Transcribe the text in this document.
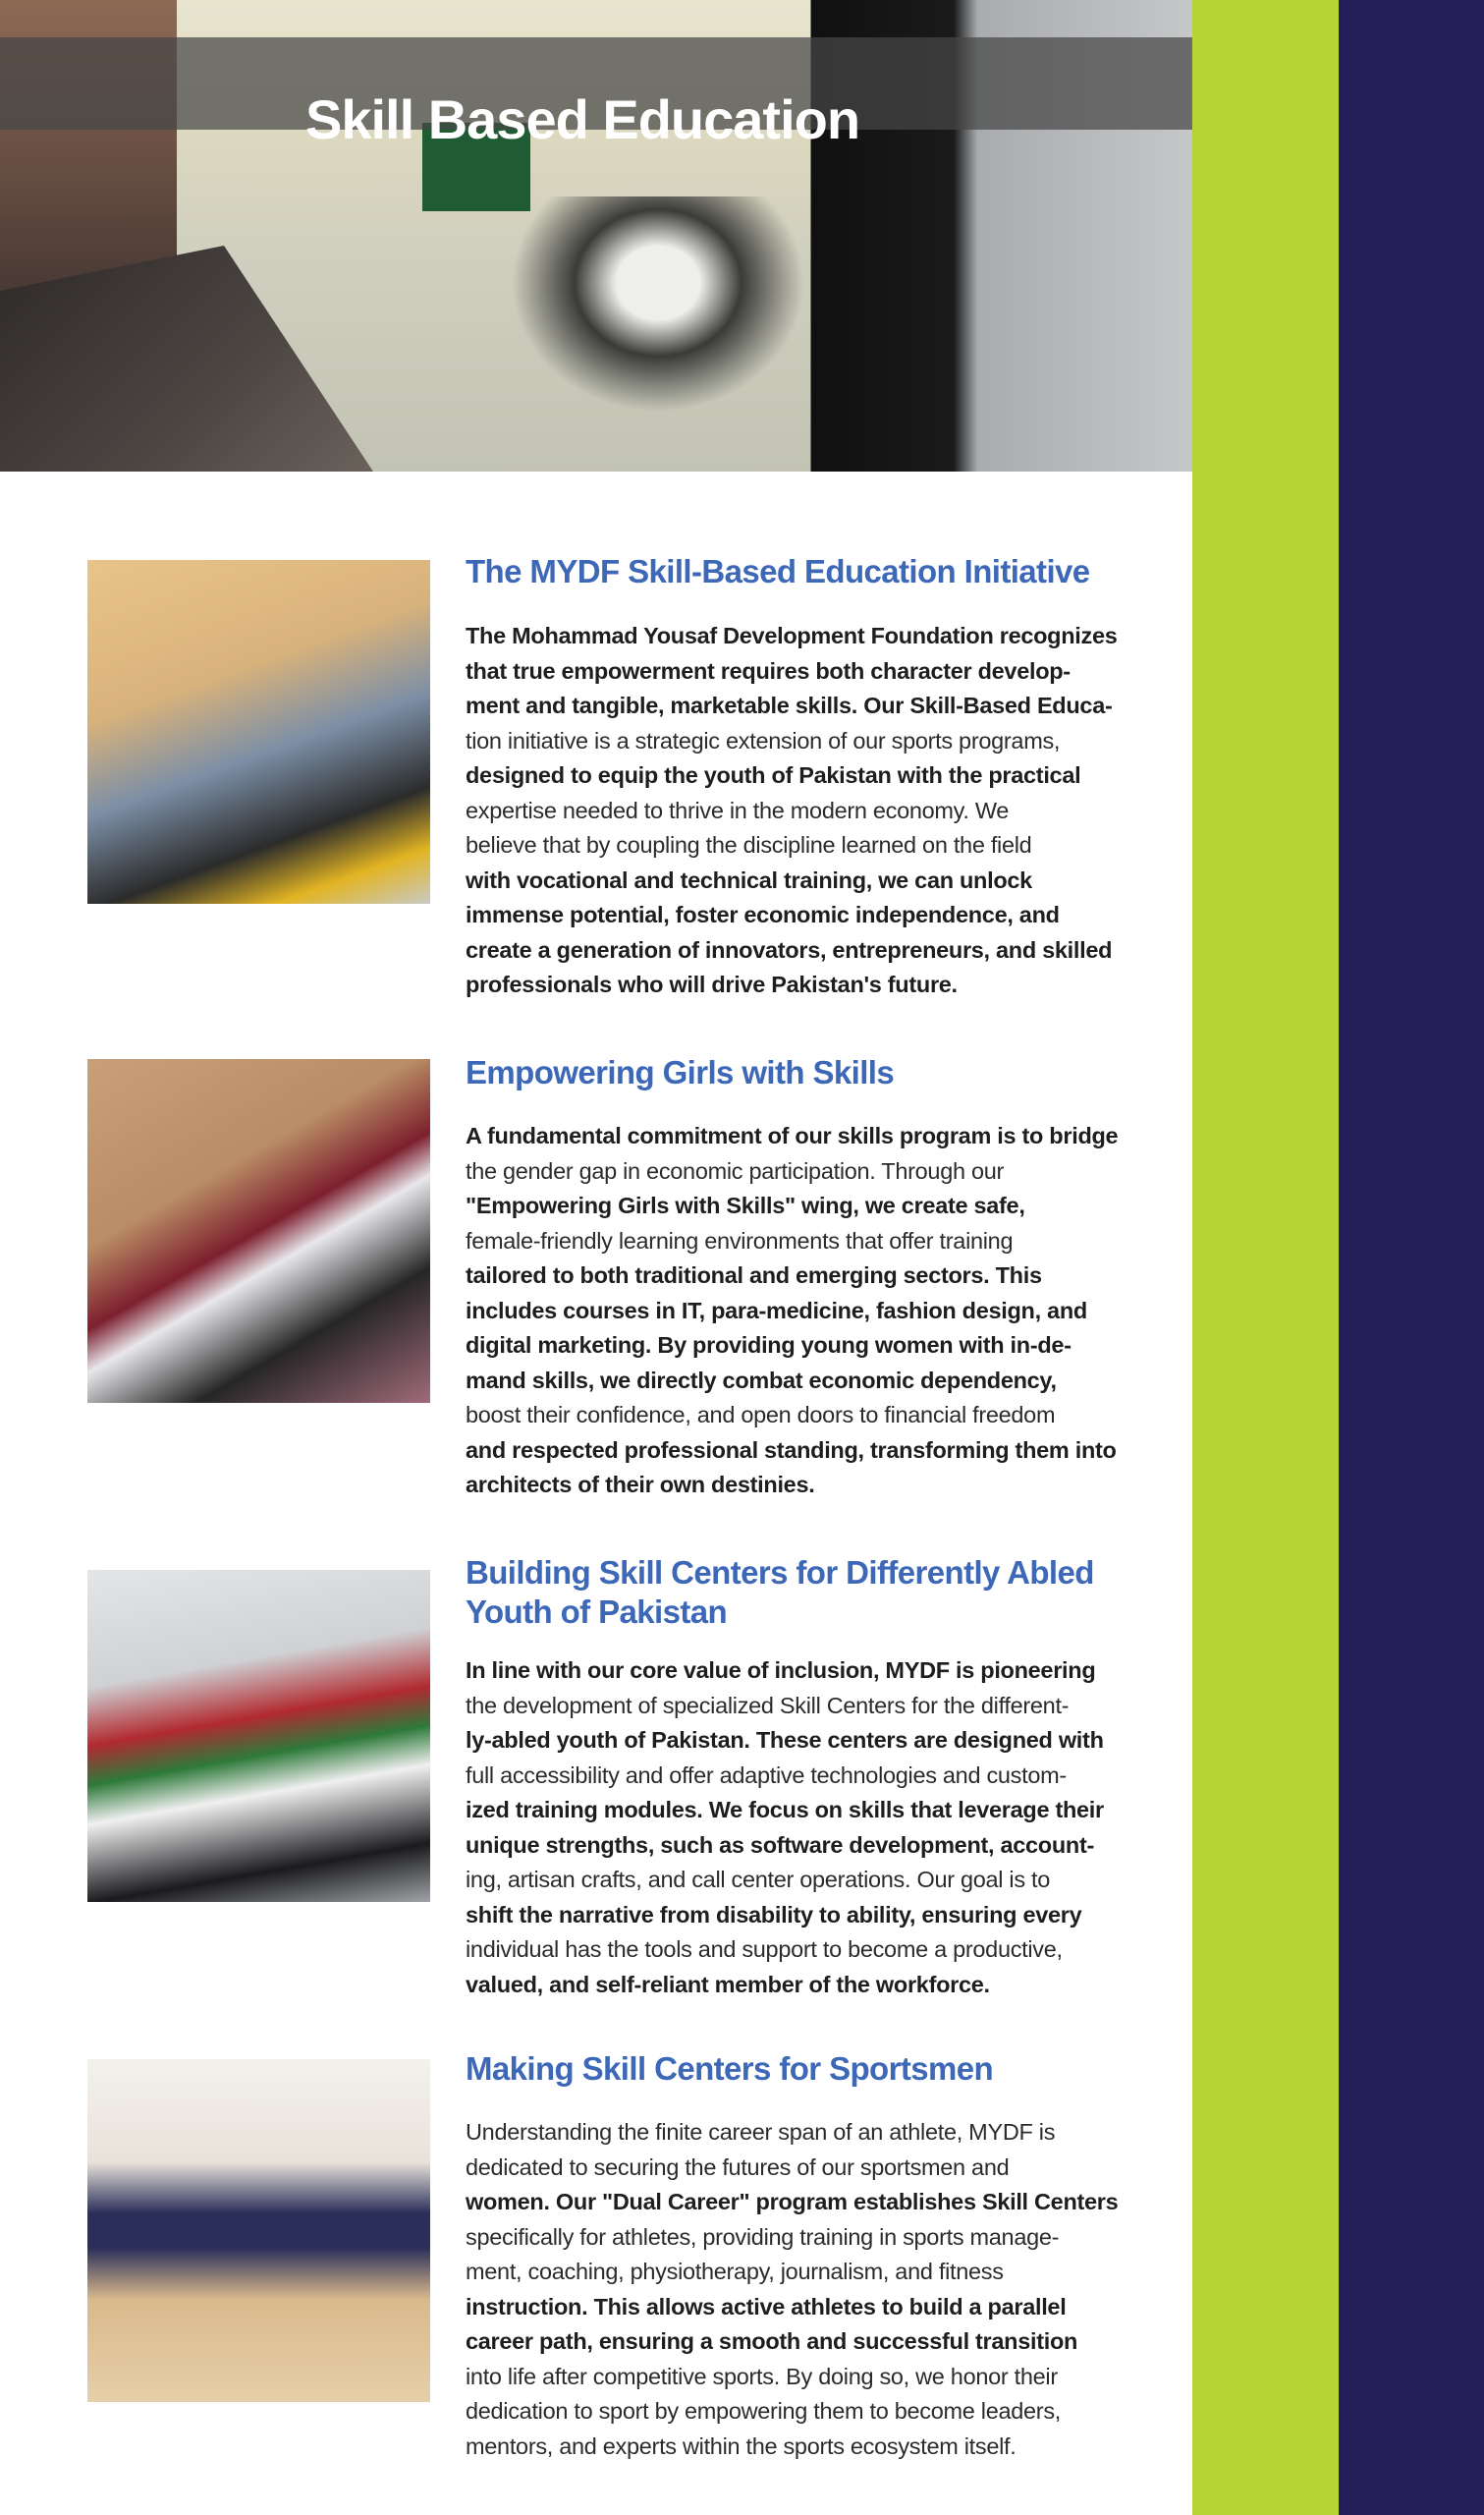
Skill Based Education
The MYDF Skill-Based Education Initiative
The Mohammad Yousaf Development Foundation recognizes
that true empowerment requires both character develop-
ment and tangible, marketable skills. Our Skill-Based Educa-
tion initiative is a strategic extension of our sports programs,
designed to equip the youth of Pakistan with the practical
expertise needed to thrive in the modern economy. We
believe that by coupling the discipline learned on the field
with vocational and technical training, we can unlock
immense potential, foster economic independence, and
create a generation of innovators, entrepreneurs, and skilled
professionals who will drive Pakistan's future.
Empowering Girls with Skills
A fundamental commitment of our skills program is to bridge
the gender gap in economic participation. Through our
"Empowering Girls with Skills" wing, we create safe,
female-friendly learning environments that offer training
tailored to both traditional and emerging sectors. This
includes courses in IT, para-medicine, fashion design, and
digital marketing. By providing young women with in-de-
mand skills, we directly combat economic dependency,
boost their confidence, and open doors to financial freedom
and respected professional standing, transforming them into
architects of their own destinies.
Building Skill Centers for Differently Abled
Youth of Pakistan
In line with our core value of inclusion, MYDF is pioneering
the development of specialized Skill Centers for the different-
ly-abled youth of Pakistan. These centers are designed with
full accessibility and offer adaptive technologies and custom-
ized training modules. We focus on skills that leverage their
unique strengths, such as software development, account-
ing, artisan crafts, and call center operations. Our goal is to
shift the narrative from disability to ability, ensuring every
individual has the tools and support to become a productive,
valued, and self-reliant member of the workforce.
Making Skill Centers for Sportsmen
Understanding the finite career span of an athlete, MYDF is
dedicated to securing the futures of our sportsmen and
women. Our "Dual Career" program establishes Skill Centers
specifically for athletes, providing training in sports manage-
ment, coaching, physiotherapy, journalism, and fitness
instruction. This allows active athletes to build a parallel
career path, ensuring a smooth and successful transition
into life after competitive sports. By doing so, we honor their
dedication to sport by empowering them to become leaders,
mentors, and experts within the sports ecosystem itself.
